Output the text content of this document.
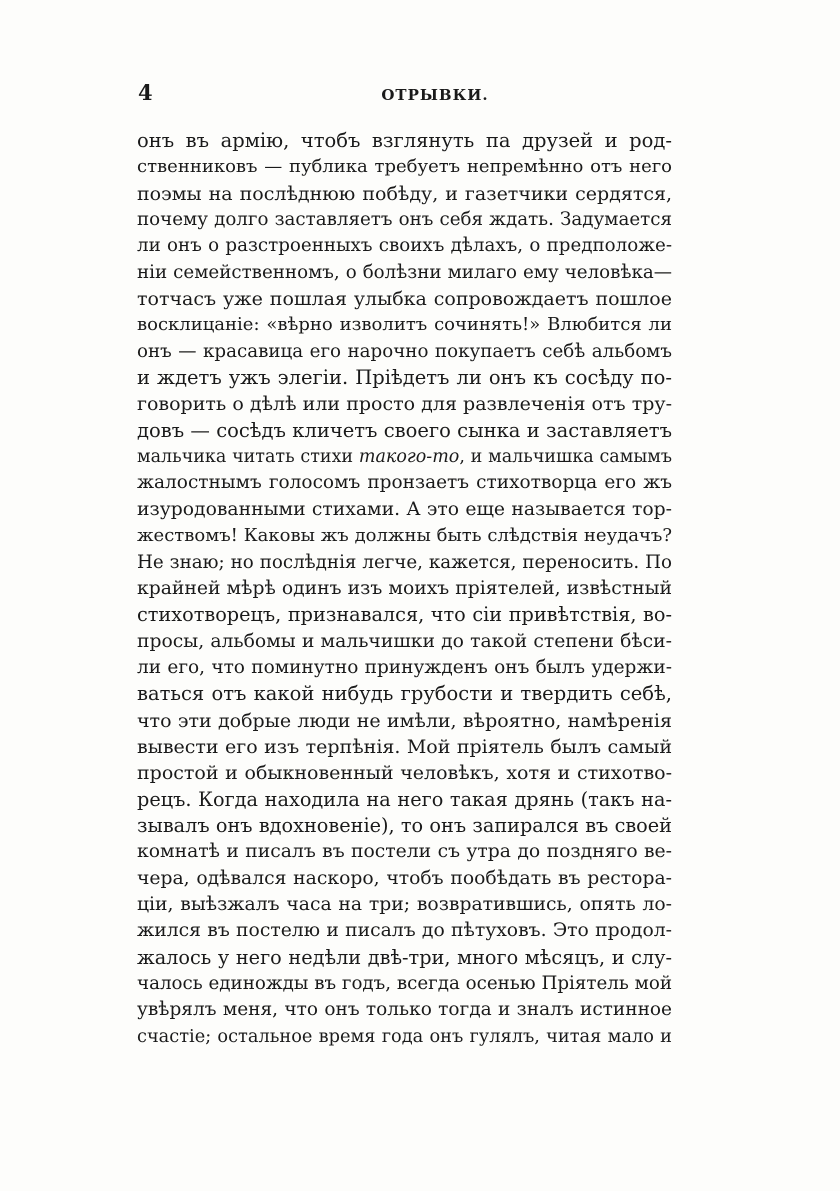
4	ОТРЫВКИ.
онъ въ армію, чтобъ взглянуть па друзей и род-
ственниковъ — публика требуетъ непремѣнно отъ него
поэмы на послѣднюю побѣду, и газетчики сердятся,
почему долго заставляетъ онъ себя ждать. Задумается
ли онъ о разстроенныхъ своихъ дѣлахъ, о предположе-
ніи семейственномъ, о болѣзни милаго ему человѣка—
тотчасъ уже пошлая улыбка сопровождаетъ пошлое
восклицаніе: «вѣрно изволитъ сочинять!» Влюбится ли
онъ — красавица его нарочно покупаетъ себѣ альбомъ
и ждетъ ужъ элегіи. Пріѣдетъ ли онъ къ сосѣду по-
говорить о дѣлѣ или просто для развлеченія отъ тру-
довъ — сосѣдъ кличетъ своего сынка и заставляетъ
мальчика читать стихи такого-то, и мальчишка самымъ
жалостнымъ голосомъ пронзаетъ стихотворца его жъ
изуродованными стихами. А это еще называется тор-
жествомъ! Каковы жъ должны быть слѣдствія неудачъ?
Не знаю; но послѣднія легче, кажется, переносить. По
крайней мѣрѣ одинъ изъ моихъ пріятелей, извѣстный
стихотворецъ, признавался, что сіи привѣтствія, во-
просы, альбомы и мальчишки до такой степени бѣси-
ли его, что поминутно принужденъ онъ былъ удержи-
ваться отъ какой нибудь грубости и твердить себѣ,
что эти добрые люди не имѣли, вѣроятно, намѣренія
вывести его изъ терпѣнія. Мой пріятель былъ самый
простой и обыкновенный человѣкъ, хотя и стихотво-
рецъ. Когда находила на него такая дрянь (такъ на-
зывалъ онъ вдохновеніе), то онъ запирался въ своей
комнатѣ и писалъ въ постели съ утра до поздняго ве-
чера, одѣвался наскоро, чтобъ пообѣдать въ рестора-
ціи, выѣзжалъ часа на три; возвратившись, опять ло-
жился въ постелю и писалъ до пѣтуховъ. Это продол-
жалось у него недѣли двѣ-три, много мѣсяцъ, и слу-
чалось единожды въ годъ, всегда осенью Пріятель мой
увѣрялъ меня, что онъ только тогда и зналъ истинное
счастіе; остальное время года онъ гулялъ, читая мало и
